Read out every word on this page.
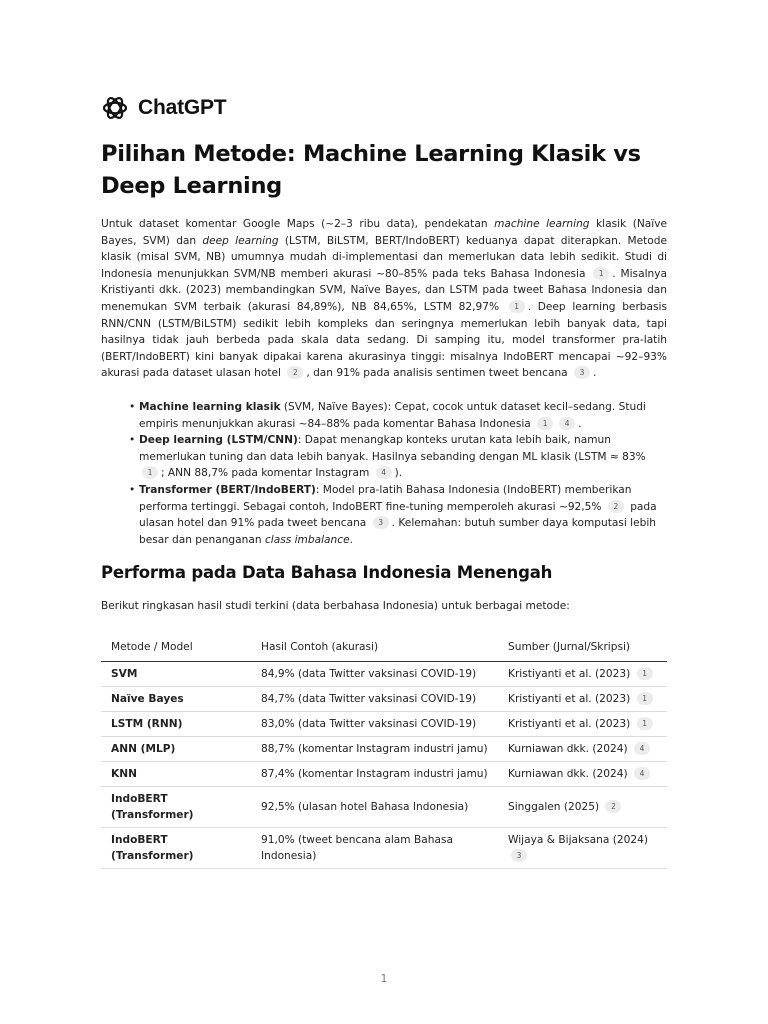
ChatGPT
Pilihan Metode: Machine Learning Klasik vs Deep Learning

Untuk dataset komentar Google Maps (~2–3 ribu data), pendekatan machine learning klasik (Naïve Bayes, SVM) dan deep learning (LSTM, BiLSTM, BERT/IndoBERT) keduanya dapat diterapkan. Metode klasik (misal SVM, NB) umumnya mudah di-implementasi dan memerlukan data lebih sedikit. Studi di Indonesia menunjukkan SVM/NB memberi akurasi ~80–85% pada teks Bahasa Indonesia 1 . Misalnya Kristiyanti dkk. (2023) membandingkan SVM, Naïve Bayes, dan LSTM pada tweet Bahasa Indonesia dan menemukan SVM terbaik (akurasi 84,89%), NB 84,65%, LSTM 82,97% 1 . Deep learning berbasis RNN/CNN (LSTM/BiLSTM) sedikit lebih kompleks dan seringnya memerlukan lebih banyak data, tapi hasilnya tidak jauh berbeda pada skala data sedang. Di samping itu, model transformer pra-latih (BERT/IndoBERT) kini banyak dipakai karena akurasinya tinggi: misalnya IndoBERT mencapai ~92–93% akurasi pada dataset ulasan hotel 2 , dan 91% pada analisis sentimen tweet bencana 3 .

• Machine learning klasik (SVM, Naïve Bayes): Cepat, cocok untuk dataset kecil–sedang. Studi empiris menunjukkan akurasi ~84–88% pada komentar Bahasa Indonesia 1 4 .
• Deep learning (LSTM/CNN): Dapat menangkap konteks urutan kata lebih baik, namun memerlukan tuning dan data lebih banyak. Hasilnya sebanding dengan ML klasik (LSTM ≈ 83% 1 ; ANN 88,7% pada komentar Instagram 4 ).
• Transformer (BERT/IndoBERT): Model pra-latih Bahasa Indonesia (IndoBERT) memberikan performa tertinggi. Sebagai contoh, IndoBERT fine-tuning memperoleh akurasi ~92,5% 2 pada ulasan hotel dan 91% pada tweet bencana 3 . Kelemahan: butuh sumber daya komputasi lebih besar dan penanganan class imbalance.
Performa pada Data Bahasa Indonesia Menengah

Berikut ringkasan hasil studi terkini (data berbahasa Indonesia) untuk berbagai metode:

Metode / Model	Hasil Contoh (akurasi)	Sumber (Jurnal/Skripsi)
SVM	84,9% (data Twitter vaksinasi COVID-19)	Kristiyanti et al. (2023) 1
Naïve Bayes	84,7% (data Twitter vaksinasi COVID-19)	Kristiyanti et al. (2023) 1
LSTM (RNN)	83,0% (data Twitter vaksinasi COVID-19)	Kristiyanti et al. (2023) 1
ANN (MLP)	88,7% (komentar Instagram industri jamu)	Kurniawan dkk. (2024) 4
KNN	87,4% (komentar Instagram industri jamu)	Kurniawan dkk. (2024) 4
IndoBERT (Transformer)	92,5% (ulasan hotel Bahasa Indonesia)	Singgalen (2025) 2
IndoBERT (Transformer)	91,0% (tweet bencana alam Bahasa Indonesia)	Wijaya & Bijaksana (2024) 3
1
